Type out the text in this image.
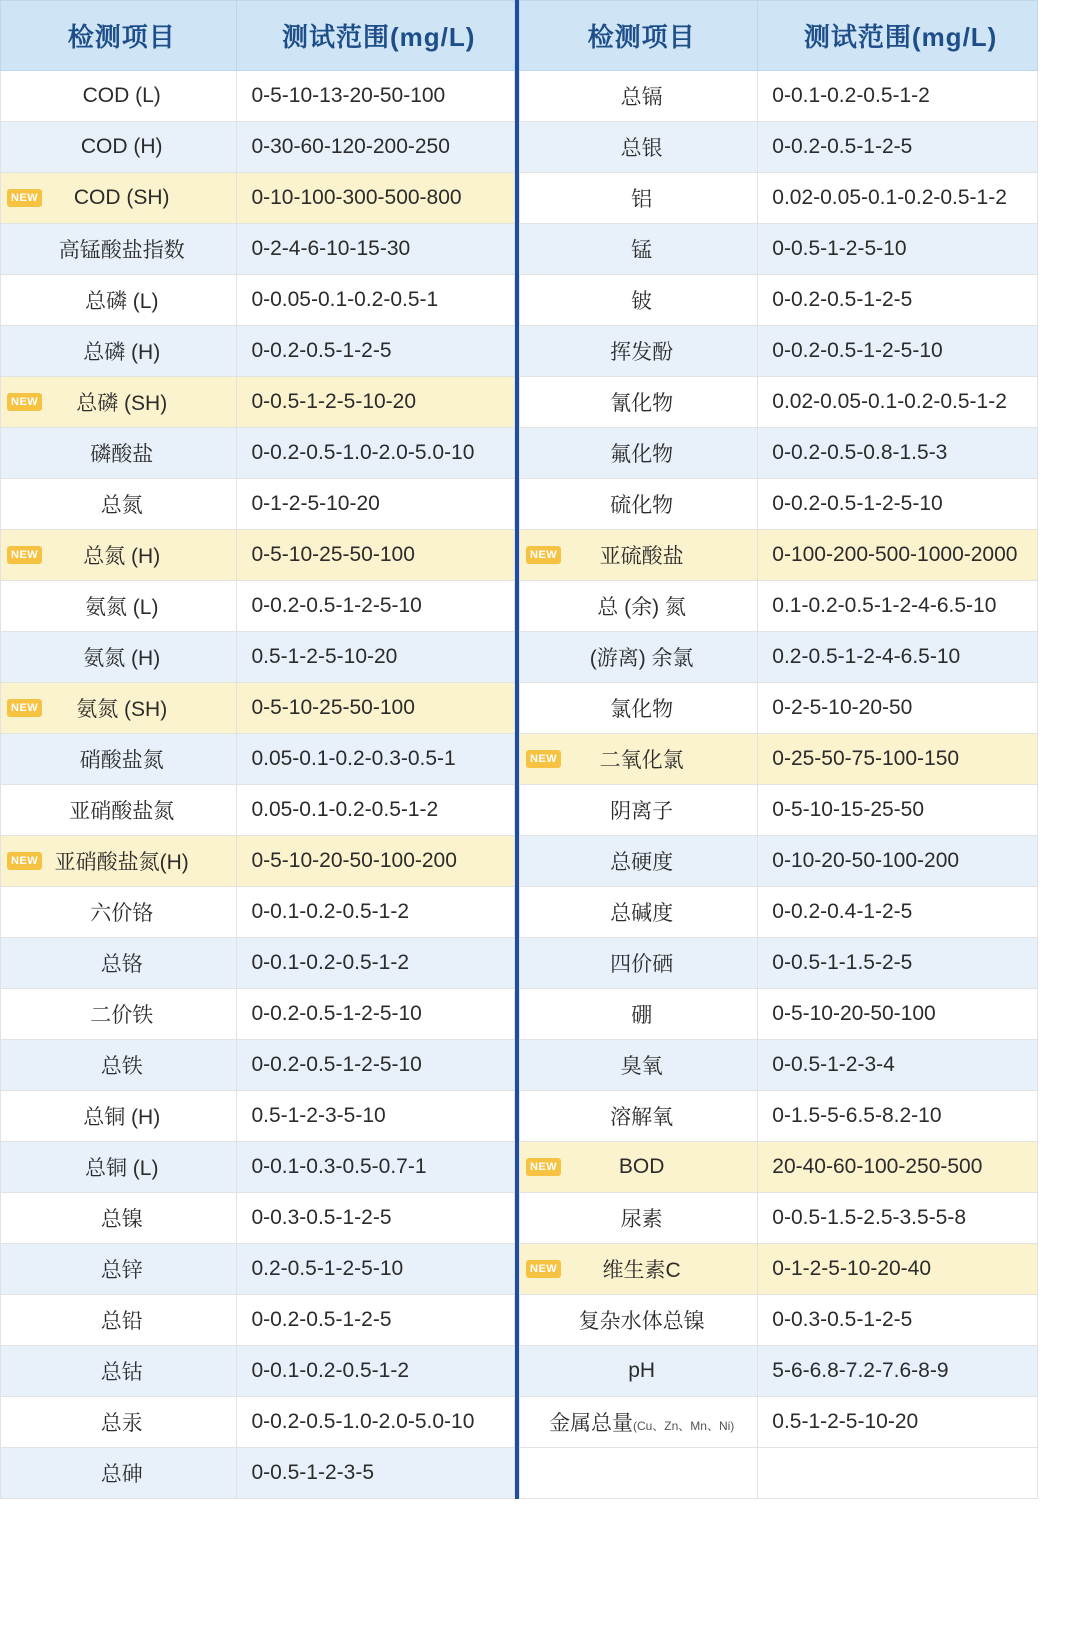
检测项目	测试范围(mg/L)
COD (L)	0-5-10-13-20-50-100
COD (H)	0-30-60-120-200-250

NEW COD (SH)	0-10-100-300-500-800
高锰酸盐指数	0-2-4-6-10-15-30
总磷 (L)	0-0.05-0.1-0.2-0.5-1
总磷 (H)	0-0.2-0.5-1-2-5

NEW 总磷 (SH)	0-0.5-1-2-5-10-20
磷酸盐	0-0.2-0.5-1.0-2.0-5.0-10
总氮	0-1-2-5-10-20

NEW 总氮 (H)	0-5-10-25-50-100
氨氮 (L)	0-0.2-0.5-1-2-5-10
氨氮 (H)	0.5-1-2-5-10-20

NEW 氨氮 (SH)	0-5-10-25-50-100
硝酸盐氮	0.05-0.1-0.2-0.3-0.5-1
亚硝酸盐氮	0.05-0.1-0.2-0.5-1-2

NEW 亚硝酸盐氮(H)	0-5-10-20-50-100-200
六价铬	0-0.1-0.2-0.5-1-2
总铬	0-0.1-0.2-0.5-1-2
二价铁	0-0.2-0.5-1-2-5-10
总铁	0-0.2-0.5-1-2-5-10
总铜 (H)	0.5-1-2-3-5-10
总铜 (L)	0-0.1-0.3-0.5-0.7-1
总镍	0-0.3-0.5-1-2-5
总锌	0.2-0.5-1-2-5-10
总铅	0-0.2-0.5-1-2-5
总钴	0-0.1-0.2-0.5-1-2
总汞	0-0.2-0.5-1.0-2.0-5.0-10
总砷	0-0.5-1-2-3-5
检测项目	测试范围(mg/L)
总镉	0-0.1-0.2-0.5-1-2
总银	0-0.2-0.5-1-2-5
铝	0.02-0.05-0.1-0.2-0.5-1-2
锰	0-0.5-1-2-5-10
铍	0-0.2-0.5-1-2-5
挥发酚	0-0.2-0.5-1-2-5-10
氰化物	0.02-0.05-0.1-0.2-0.5-1-2
氟化物	0-0.2-0.5-0.8-1.5-3
硫化物	0-0.2-0.5-1-2-5-10

NEW 亚硫酸盐	0-100-200-500-1000-2000
总 (余) 氮	0.1-0.2-0.5-1-2-4-6.5-10
(游离) 余氯	0.2-0.5-1-2-4-6.5-10
氯化物	0-2-5-10-20-50

NEW 二氧化氯	0-25-50-75-100-150
阴离子	0-5-10-15-25-50
总硬度	0-10-20-50-100-200
总碱度	0-0.2-0.4-1-2-5
四价硒	0-0.5-1-1.5-2-5
硼	0-5-10-20-50-100
臭氧	0-0.5-1-2-3-4
溶解氧	0-1.5-5-6.5-8.2-10

NEW BOD	20-40-60-100-250-500
尿素	0-0.5-1.5-2.5-3.5-5-8

NEW 维生素C	0-1-2-5-10-20-40
复杂水体总镍	0-0.3-0.5-1-2-5
pH	5-6-6.8-7.2-7.6-8-9
金属总量(Cu、Zn、Mn、Ni)	0.5-1-2-5-10-20
